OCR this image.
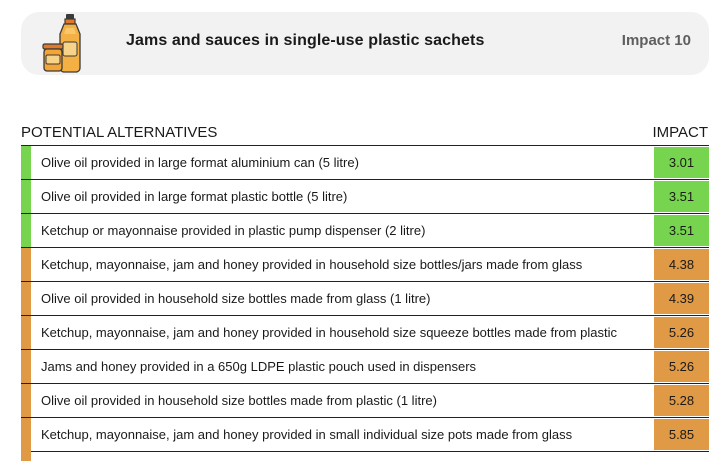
Jams and sauces in single-use plastic sachets	Impact 10
POTENTIAL ALTERNATIVES	IMPACT
Olive oil provided in large format aluminium can (5 litre)	3.01
Olive oil provided in large format plastic bottle (5 litre)	3.51
Ketchup or mayonnaise provided in plastic pump dispenser (2 litre)	3.51
Ketchup, mayonnaise, jam and honey provided in household size bottles/jars made from glass	4.38
Olive oil provided in household size bottles made from glass (1 litre)	4.39
Ketchup, mayonnaise, jam and honey provided in household size squeeze bottles made from plastic	5.26
Jams and honey provided in a 650g LDPE plastic pouch used in dispensers	5.26
Olive oil provided in household size bottles made from plastic (1 litre)	5.28
Ketchup, mayonnaise, jam and honey provided in small individual size pots made from glass	5.85
